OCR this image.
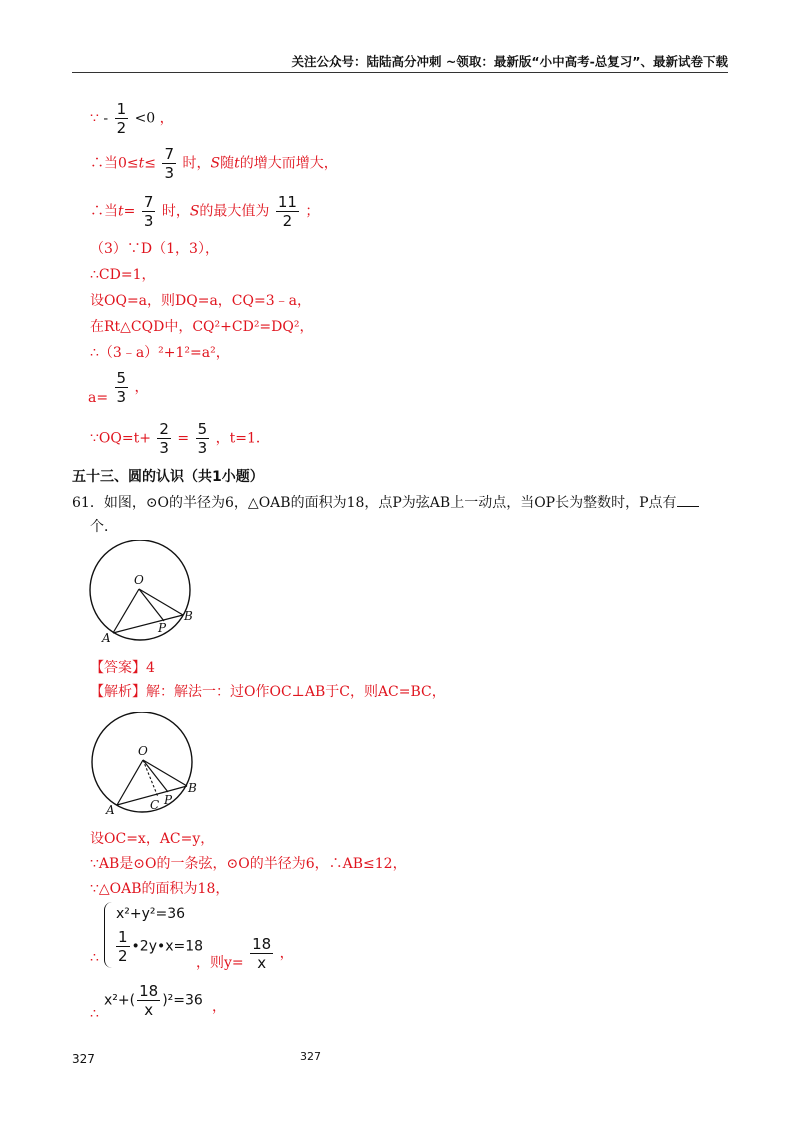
关注公众号：陆陆高分冲刺 ~领取：最新版“小中高考-总复习”、最新试卷下载
∵ - $\frac{1}{2} <0$ ，
∴当$0\le t\le \frac{7}{3}$ 时，S随t的增大而增大，
∴当$t= \frac{7}{3}$ 时，S的最大值为 $\frac{11}{2}$ ；
（3）∵D（1，3），
∴CD=1，
设OQ=a，则DQ=a，CQ=3﹣a，
在Rt△CQD中，CQ²+CD²=DQ²，
∴（3﹣a）²+1²=a²，
$a= \frac{5}{3}$ ，
∵OQ=t+ $\frac{2}{3} = \frac{5}{3}$ ，t=1．
五十三、圆的认识（共1小题）
61．如图，⊙O的半径为6，△OAB的面积为18，点P为弦AB上一动点，当OP长为整数时，P点有
个．
O
A
B
P
【答案】4
【解析】解：解法一：过O作OC⊥AB于C，则AC=BC，
O
A
B
C P
设OC=x，AC=y，
∵AB是⊙O的一条弦，⊙O的半径为6，∴AB≤12，
∵△OAB的面积为18，
x²+y²=36
$\frac{1}{2}$ •2y•x=18
∴	，则$y= \frac{18}{x}$ ，
$x^2+( \frac{18}{x} )^2=36$ ，
∴
327	327
